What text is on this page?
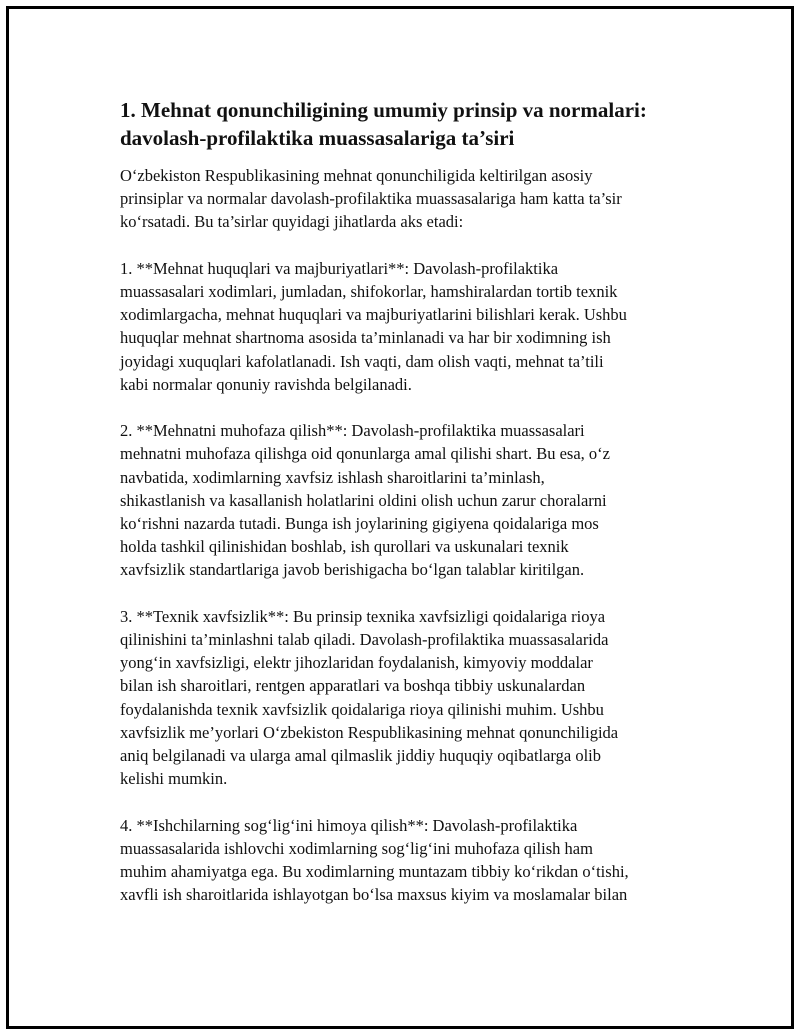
1. Mehnat qonunchiligining umumiy prinsip va normalari:
davolash-profilaktika muassasalariga ta’siri

O‘zbekiston Respublikasining mehnat qonunchiligida keltirilgan asosiy
prinsiplar va normalar davolash-profilaktika muassasalariga ham katta ta’sir
ko‘rsatadi. Bu ta’sirlar quyidagi jihatlarda aks etadi:

1. **Mehnat huquqlari va majburiyatlari**: Davolash-profilaktika
muassasalari xodimlari, jumladan, shifokorlar, hamshiralardan tortib texnik
xodimlargacha, mehnat huquqlari va majburiyatlarini bilishlari kerak. Ushbu
huquqlar mehnat shartnoma asosida ta’minlanadi va har bir xodimning ish
joyidagi xuquqlari kafolatlanadi. Ish vaqti, dam olish vaqti, mehnat ta’tili
kabi normalar qonuniy ravishda belgilanadi.

2. **Mehnatni muhofaza qilish**: Davolash-profilaktika muassasalari
mehnatni muhofaza qilishga oid qonunlarga amal qilishi shart. Bu esa, o‘z
navbatida, xodimlarning xavfsiz ishlash sharoitlarini ta’minlash,
shikastlanish va kasallanish holatlarini oldini olish uchun zarur choralarni
ko‘rishni nazarda tutadi. Bunga ish joylarining gigiyena qoidalariga mos
holda tashkil qilinishidan boshlab, ish qurollari va uskunalari texnik
xavfsizlik standartlariga javob berishigacha bo‘lgan talablar kiritilgan.

3. **Texnik xavfsizlik**: Bu prinsip texnika xavfsizligi qoidalariga rioya
qilinishini ta’minlashni talab qiladi. Davolash-profilaktika muassasalarida
yong‘in xavfsizligi, elektr jihozlaridan foydalanish, kimyoviy moddalar
bilan ish sharoitlari, rentgen apparatlari va boshqa tibbiy uskunalardan
foydalanishda texnik xavfsizlik qoidalariga rioya qilinishi muhim. Ushbu
xavfsizlik me’yorlari O‘zbekiston Respublikasining mehnat qonunchiligida
aniq belgilanadi va ularga amal qilmaslik jiddiy huquqiy oqibatlarga olib
kelishi mumkin.

4. **Ishchilarning sog‘lig‘ini himoya qilish**: Davolash-profilaktika
muassasalarida ishlovchi xodimlarning sog‘lig‘ini muhofaza qilish ham
muhim ahamiyatga ega. Bu xodimlarning muntazam tibbiy ko‘rikdan o‘tishi,
xavfli ish sharoitlarida ishlayotgan bo‘lsa maxsus kiyim va moslamalar bilan
